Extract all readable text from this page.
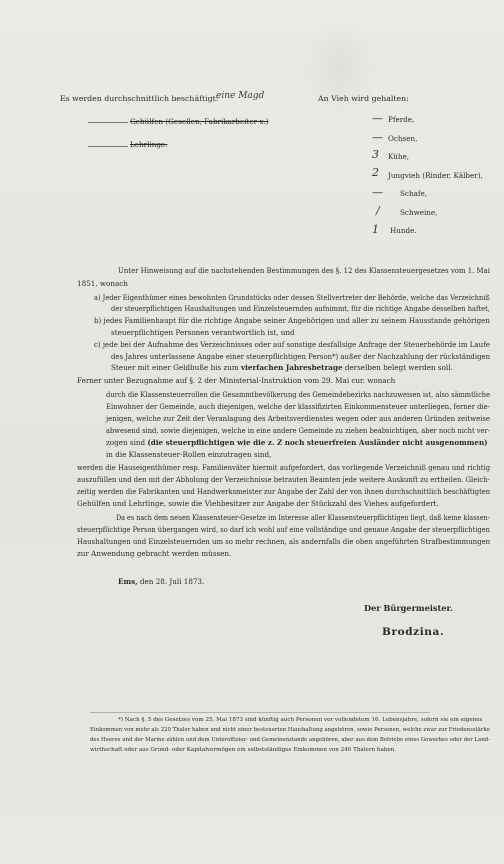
Es werden durchschnittlich beschäftigt:
eine Magd
Gehülfen (Gesellen, Fabrikarbeiter x.)
Lehrlinge.
An Vieh wird gehalten:
— Pferde,
— Ochsen,
3 Kühe,
2 Jungvieh (Rinder, Kälber),
— Schafe,
/	Schweine,
1 Hunde.
Unter Hinweisung auf die nachstehenden Bestimmungen des §. 12 des Klassensteuergesetzes vom 1. Mai
1851, wonach
a) Jeder Eigenthümer eines bewohnten Grundstücks oder dessen Stellvertreter der Behörde, welche das Verzeichniß
der steuerpflichtigen Haushaltungen und Einzelsteuernden aufnimmt, für die richtige Angabe desselben haftet,
b) jedes Familienhaupt für die richtige Angabe seiner Angehörigen und aller zu seinem Hausstande gehörigen
steuerpflichtigen Personen verantwortlich ist, und
c) jede bei der Aufnahme des Verzeichnisses oder auf sonstige desfallsige Anfrage der Steuerbehörde im Laufe
des Jahres unterlassene Angabe einer steuerpflichtigen Person*) außer der Nachzahlung der rückständigen
Steuer mit einer Geldbuße bis zum vierfachen Jahresbetrage derselben belegt werden soll.
Ferner unter Bezugnahme auf §. 2 der Ministerial-Instruktion vom 29. Mai cur. wonach
durch die Klassensteuerrollen die Gesammtbevölkerung des Gemeindebezirks nachzuweisen ist, also sämmtliche
Einwohner der Gemeinde, auch diejenigen, welche der klassifizirten Einkommensteuer unterliegen, ferner die-
jenigen, welche zur Zeit der Veranlagung des Arbeitsverdienstes wegen oder aus anderen Gründen zeitweise
abwesend sind, sowie diejenigen, welche in eine andere Gemeinde zu ziehen beabsichtigen, aber noch nicht ver-
zogen sind (die steuerpflichtigen wie die z. Z noch steuerfreien Ausländer nicht ausgenommen)
in die Klassensteuer-Rollen einzutragen sind,
werden die Hauseigenthümer resp. Familienväter hiermit aufgefordert, das vorliegende Verzeichniß genau und richtig
auszufüllen und den mit der Abholung der Verzeichnisse betrauten Beamten jede weitere Auskunft zu ertheilen. Gleich-
zeitig werden die Fabrikanten und Handwerksmeister zur Angabe der Zahl der von ihnen durchschnittlich beschäftigten
Gehülfen und Lehrlinge, sowie die Viehbesitzer zur Angabe der Stückzahl des Viehes aufgefordert.
Da es nach dem neuen Klassensteuer-Gesetze im Interesse aller Klassensteuerpflichtigen liegt, daß keine klassen-
steuerpflichtige Person übergangen wird, so darf ich wohl auf eine vollständige und genaue Angabe der steuerpflichtigen
Haushaltungen und Einzelsteuernden um so mehr rechnen, als andernfalls die oben angeführten Strafbestimmungen
zur Anwendung gebracht werden müssen.
Ems, den 28. Juli 1873.
Der Bürgermeister.
Brodzina.
*) Nach §. 5 des Gesetzes vom 25. Mai 1873 sind künftig auch Personen vor vollendetem 16. Lebensjahre, sofern sie ein eigenes
Einkommen von mehr als 220 Thaler haben und nicht einer besteuerten Haushaltung angehören, sowie Personen, welche zwar zur Friedensstärke
des Heeres und der Marine zählen und dem Unteroffizier- und Gemeinenstande angehören, aber aus dem Betriebe eines Gewerbes oder der Land-
wirthschaft oder aus Grund- oder Kapitalvermögen ein selbstständiges Einkommen von 240 Thalern haben.
